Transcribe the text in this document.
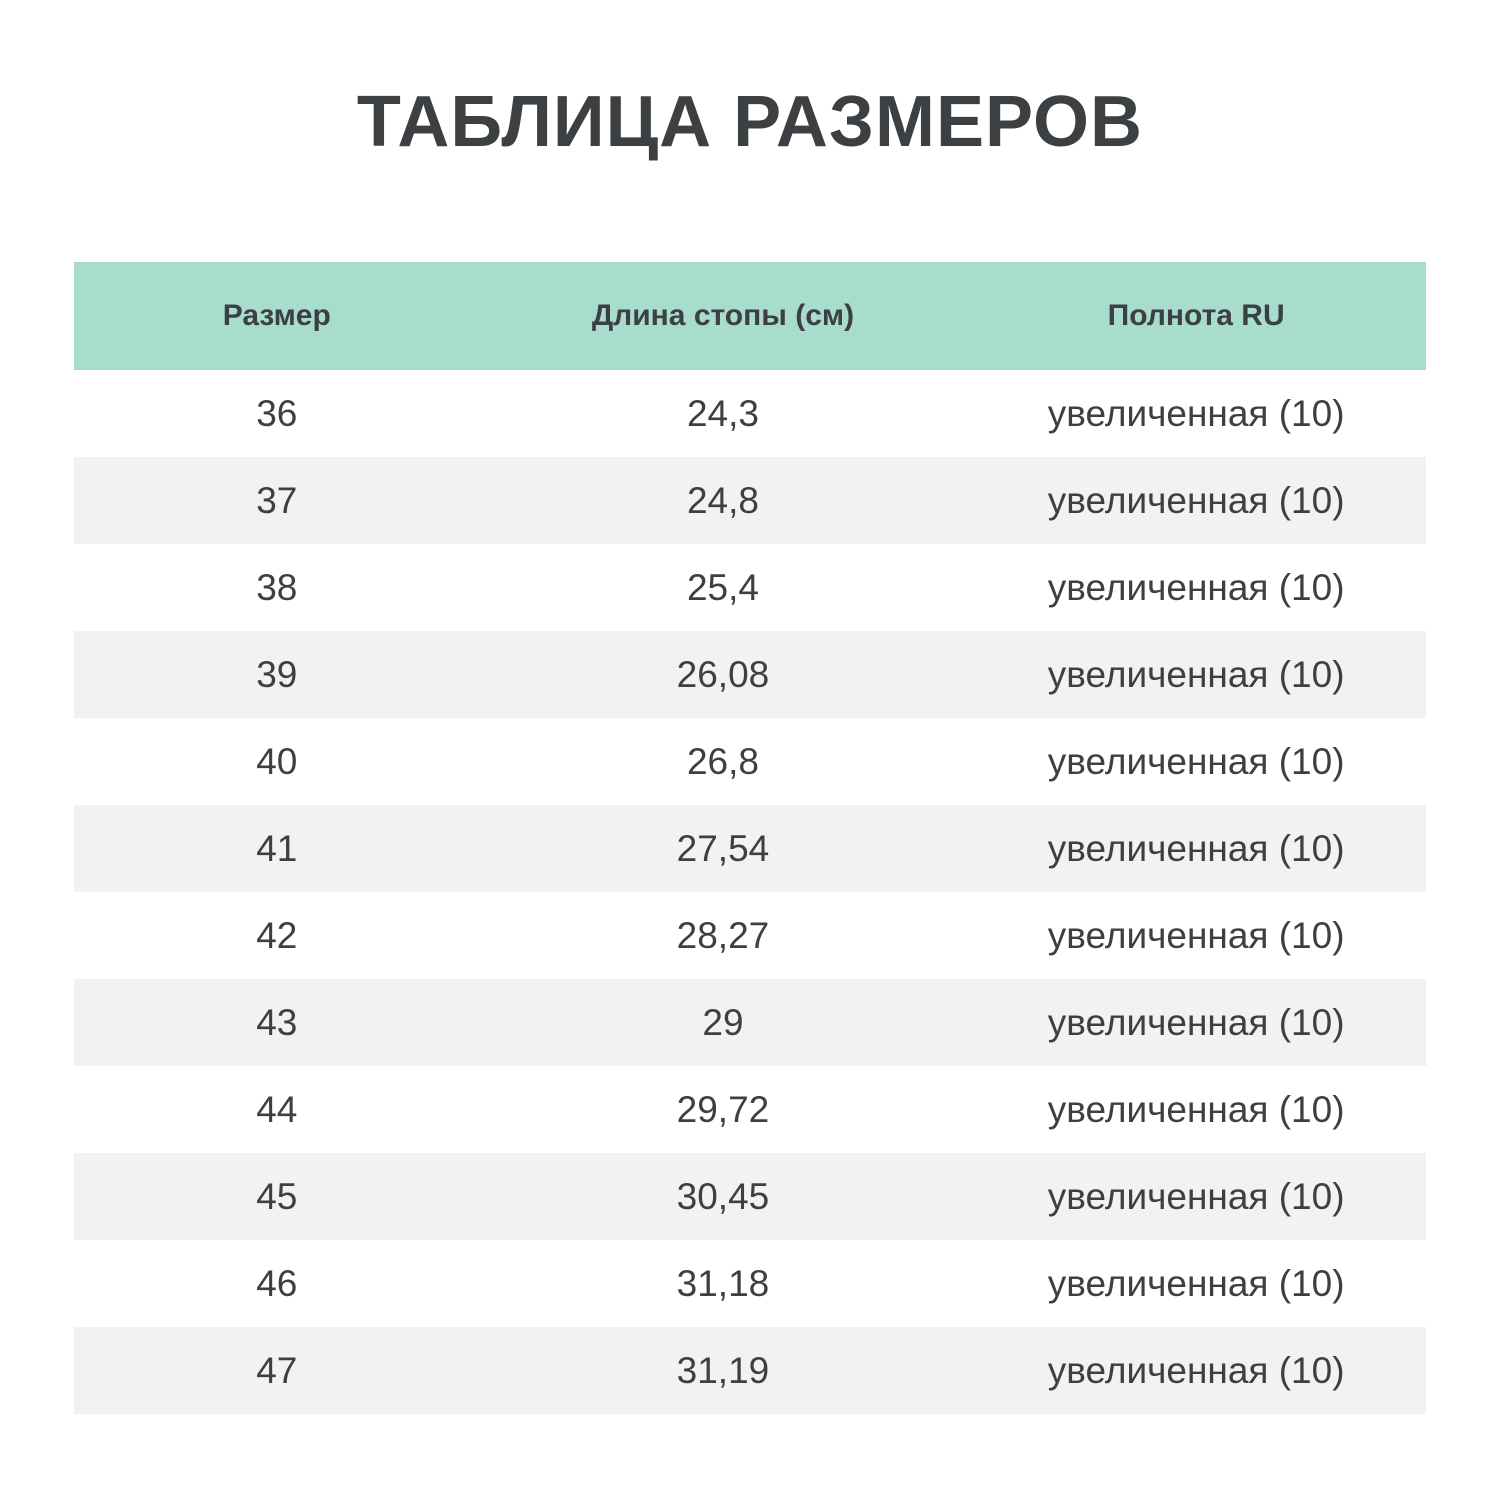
ТАБЛИЦА РАЗМЕРОВ
Размер	Длина стопы (см)	Полнота RU
36	24,3	увеличенная (10)
37	24,8	увеличенная (10)
38	25,4	увеличенная (10)
39	26,08	увеличенная (10)
40	26,8	увеличенная (10)
41	27,54	увеличенная (10)
42	28,27	увеличенная (10)
43	29	увеличенная (10)
44	29,72	увеличенная (10)
45	30,45	увеличенная (10)
46	31,18	увеличенная (10)
47	31,19	увеличенная (10)
